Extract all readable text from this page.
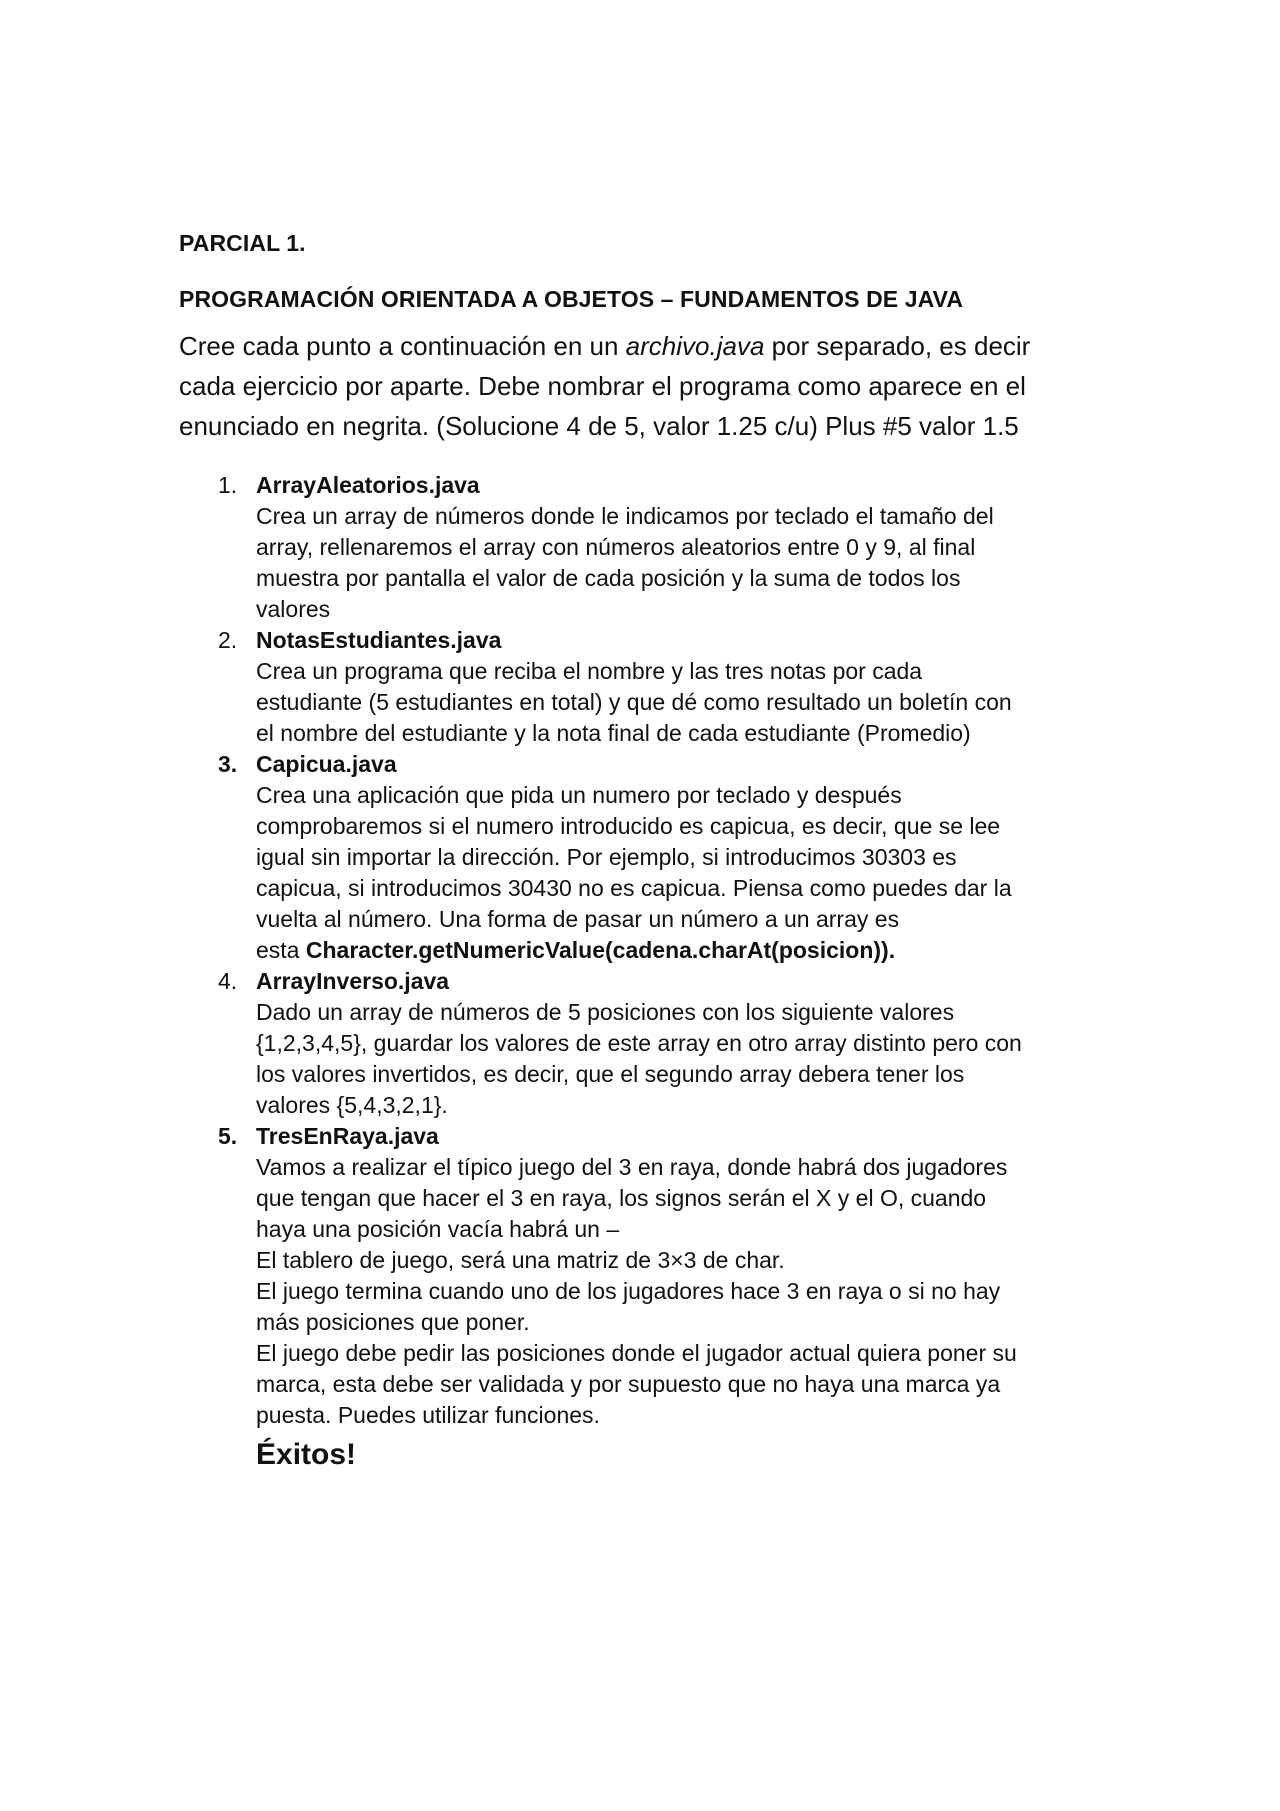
PARCIAL 1.

PROGRAMACIÓN ORIENTADA A OBJETOS – FUNDAMENTOS DE JAVA

Cree cada punto a continuación en un archivo.java por separado, es decir cada ejercicio por aparte. Debe nombrar el programa como aparece en el enunciado en negrita. (Solucione 4 de 5, valor 1.25 c/u) Plus #5 valor 1.5

1. ArrayAleatorios.java
Crea un array de números donde le indicamos por teclado el tamaño del
array, rellenaremos el array con números aleatorios entre 0 y 9, al final
muestra por pantalla el valor de cada posición y la suma de todos los
valores
2. NotasEstudiantes.java
Crea un programa que reciba el nombre y las tres notas por cada
estudiante (5 estudiantes en total) y que dé como resultado un boletín con
el nombre del estudiante y la nota final de cada estudiante (Promedio)
3. Capicua.java
Crea una aplicación que pida un numero por teclado y después
comprobaremos si el numero introducido es capicua, es decir, que se lee
igual sin importar la dirección. Por ejemplo, si introducimos 30303 es
capicua, si introducimos 30430 no es capicua. Piensa como puedes dar la
vuelta al número. Una forma de pasar un número a un array es
esta Character.getNumericValue(cadena.charAt(posicion)).
4. ArrayInverso.java
Dado un array de números de 5 posiciones con los siguiente valores
{1,2,3,4,5}, guardar los valores de este array en otro array distinto pero con
los valores invertidos, es decir, que el segundo array debera tener los
valores {5,4,3,2,1}.
5. TresEnRaya.java
Vamos a realizar el típico juego del 3 en raya, donde habrá dos jugadores
que tengan que hacer el 3 en raya, los signos serán el X y el O, cuando
haya una posición vacía habrá un –
El tablero de juego, será una matriz de 3×3 de char.
El juego termina cuando uno de los jugadores hace 3 en raya o si no hay
más posiciones que poner.
El juego debe pedir las posiciones donde el jugador actual quiera poner su
marca, esta debe ser validada y por supuesto que no haya una marca ya
puesta. Puedes utilizar funciones.
Éxitos!
